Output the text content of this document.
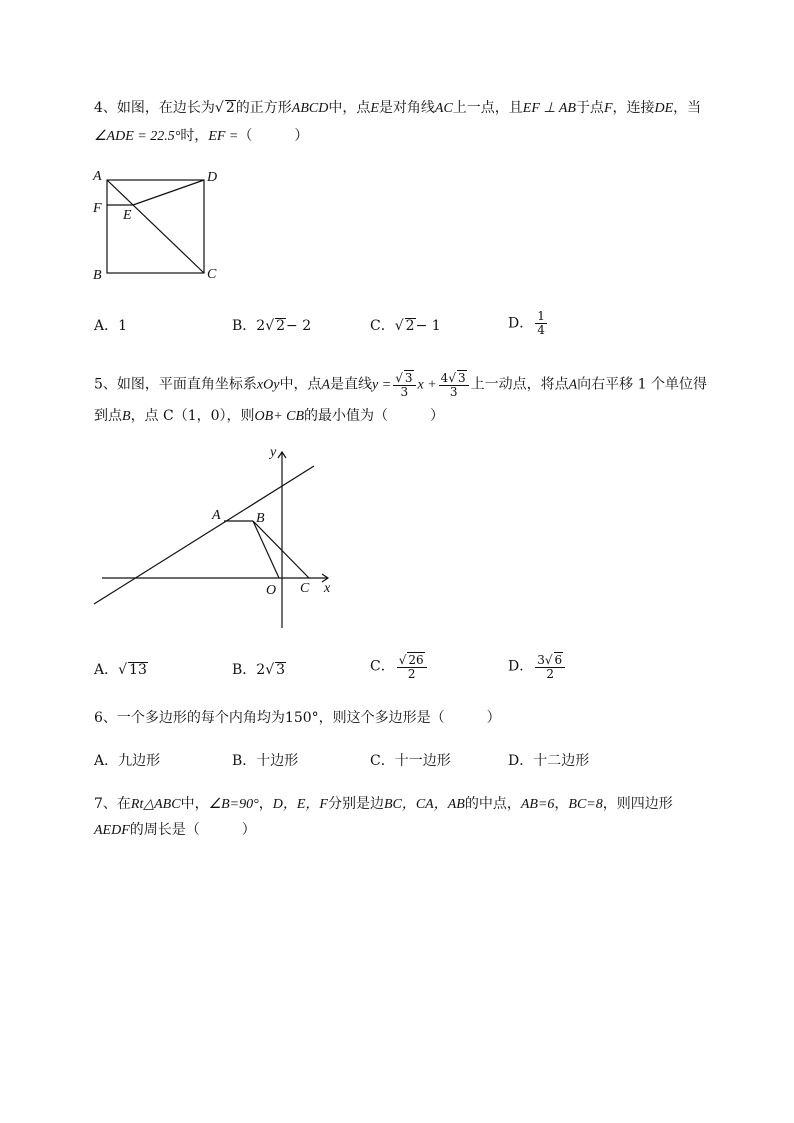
4、如图，在边长为√ 2的正方形ABCD中，点E是对角线AC上一点，且EF ⊥ AB于点F，连接DE，当
∠ADE = 22.5°时，EF =（　　　）
A	D
F E
B	C
A．1	B．2√ 2− 2	C．√ 2− 1	D． $\frac{1}{4}$
5、如图，平面直角坐标系xOy中，点A是直线$y = \frac{√ 3}{3}$ $x + \frac{4√ 3}{3}$ 上一动点，将点A向右平移 1 个单位得
到点B，点 C（1，0），则OB+ CB的最小值为（　　　）
y
x
A	B
O C
A．√ 13	B．2√ 3	C． $\frac{√ 26}{2}$	D． $\frac{3√ 6}{2}$
6、一个多边形的每个内角均为150°，则这个多边形是（　　　）
A．九边形	B．十边形	C．十一边形	D．十二边形
7、在Rt△ABC中，∠B=90°，D，E，F分别是边BC，CA，AB的中点，AB=6，BC=8，则四边形
AEDF的周长是（　　　）
